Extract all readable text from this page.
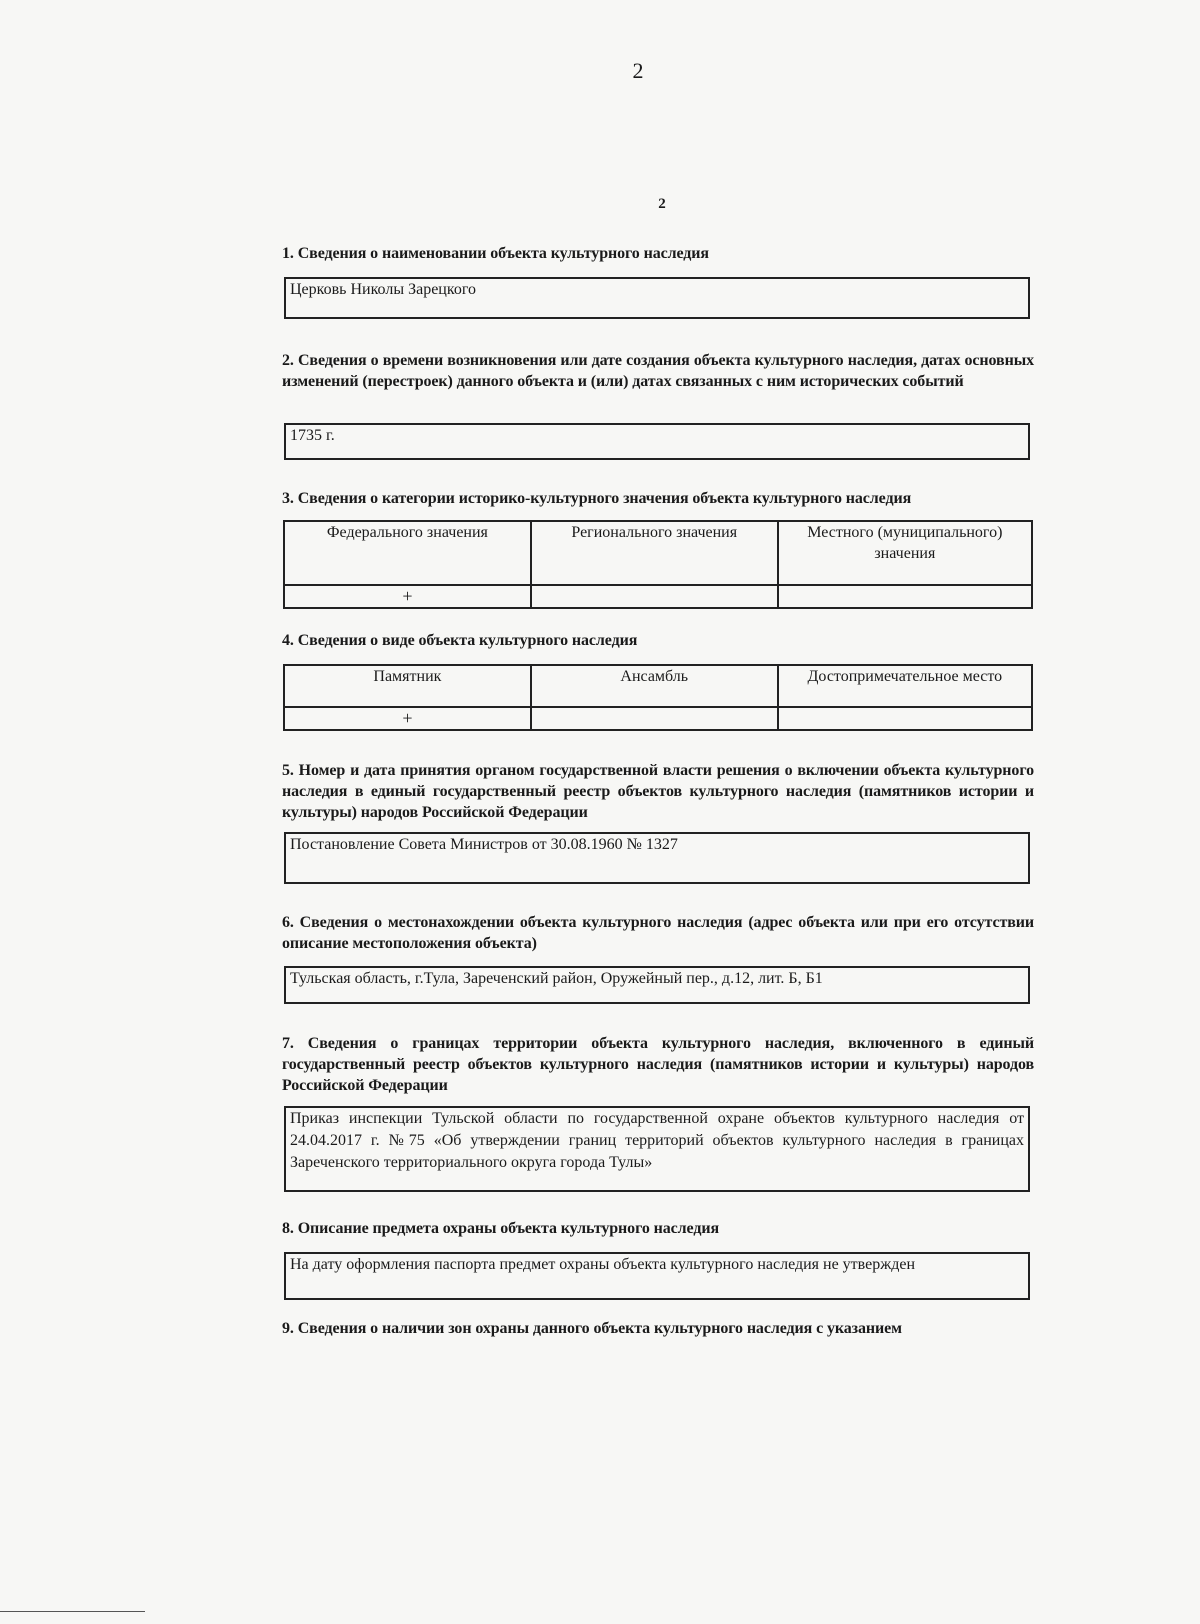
2
2
1. Сведения о наименовании объекта культурного наследия
Церковь Николы Зарецкого
2. Сведения о времени возникновения или дате создания объекта культурного наследия, датах основных изменений (перестроек) данного объекта и (или) датах связанных с ним исторических событий
1735 г.
3. Сведения о категории историко-культурного значения объекта культурного наследия
Федерального значения	Регионального значения	Местного (муниципального) значения
+		
4. Сведения о виде объекта культурного наследия
Памятник	Ансамбль	Достопримечательное место
+		
5. Номер и дата принятия органом государственной власти решения о включении объекта культурного наследия в единый государственный реестр объектов культурного наследия (памятников истории и культуры) народов Российской Федерации
Постановление Совета Министров от 30.08.1960 № 1327
6. Сведения о местонахождении объекта культурного наследия (адрес объекта или при его отсутствии описание местоположения объекта)
Тульская область, г.Тула, Зареченский район, Оружейный пер., д.12, лит. Б, Б1
7. Сведения о границах территории объекта культурного наследия, включенного в единый государственный реестр объектов культурного наследия (памятников истории и культуры) народов Российской Федерации
Приказ инспекции Тульской области по государственной охране объектов культурного наследия от 24.04.2017 г. №75 «Об утверждении границ территорий объектов культурного наследия в границах Зареченского территориального округа города Тулы»
8. Описание предмета охраны объекта культурного наследия
На дату оформления паспорта предмет охраны объекта культурного наследия не утвержден
9. Сведения о наличии зон охраны данного объекта культурного наследия с указанием
